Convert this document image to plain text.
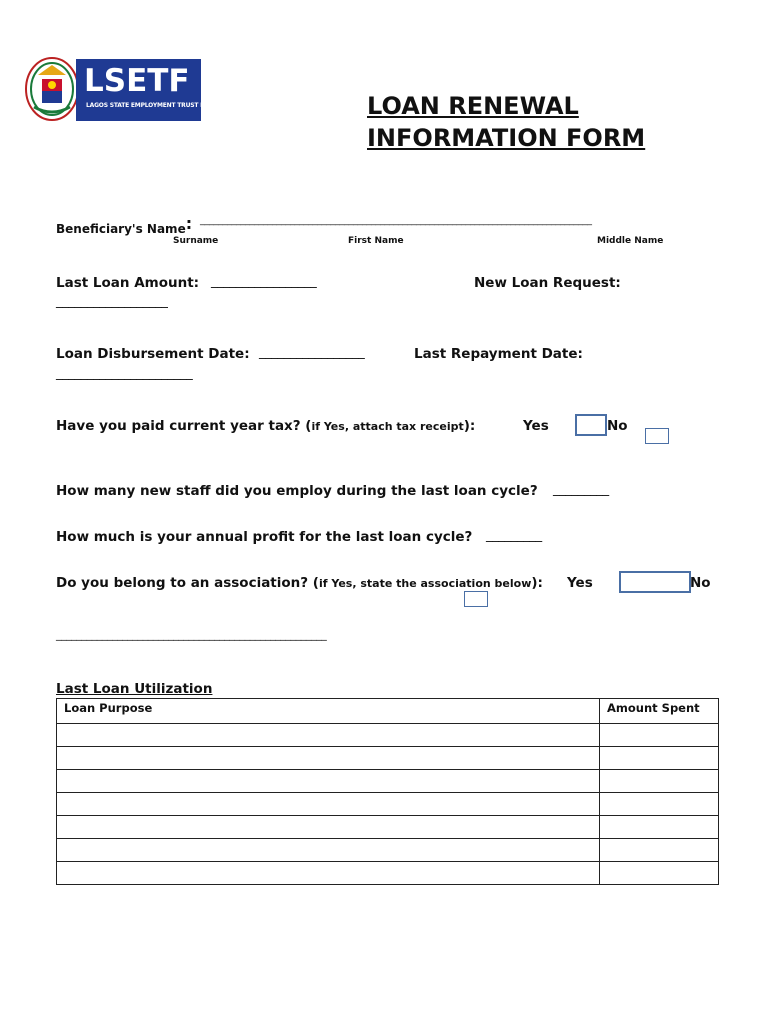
LSETF
LAGOS STATE EMPLOYMENT TRUST FUND	LOAN RENEWAL
INFORMATION FORM
Beneficiary's Name: _______________________________________________________________________________________
Surname	First Name	Middle Name
Last Loan Amount: _________________	New Loan Request:
__________________
Loan Disbursement Date: _________________	Last Repayment Date:
______________________
Have you paid current year tax? (if Yes, attach tax receipt):	Yes	No
How many new staff did you employ during the last loan cycle? _________
How much is your annual profit for the last loan cycle? _________
Do you belong to an association? (if Yes, state the association below): Yes	No
_____________________________________________________
Last Loan Utilization
Loan Purpose	Amount Spent
